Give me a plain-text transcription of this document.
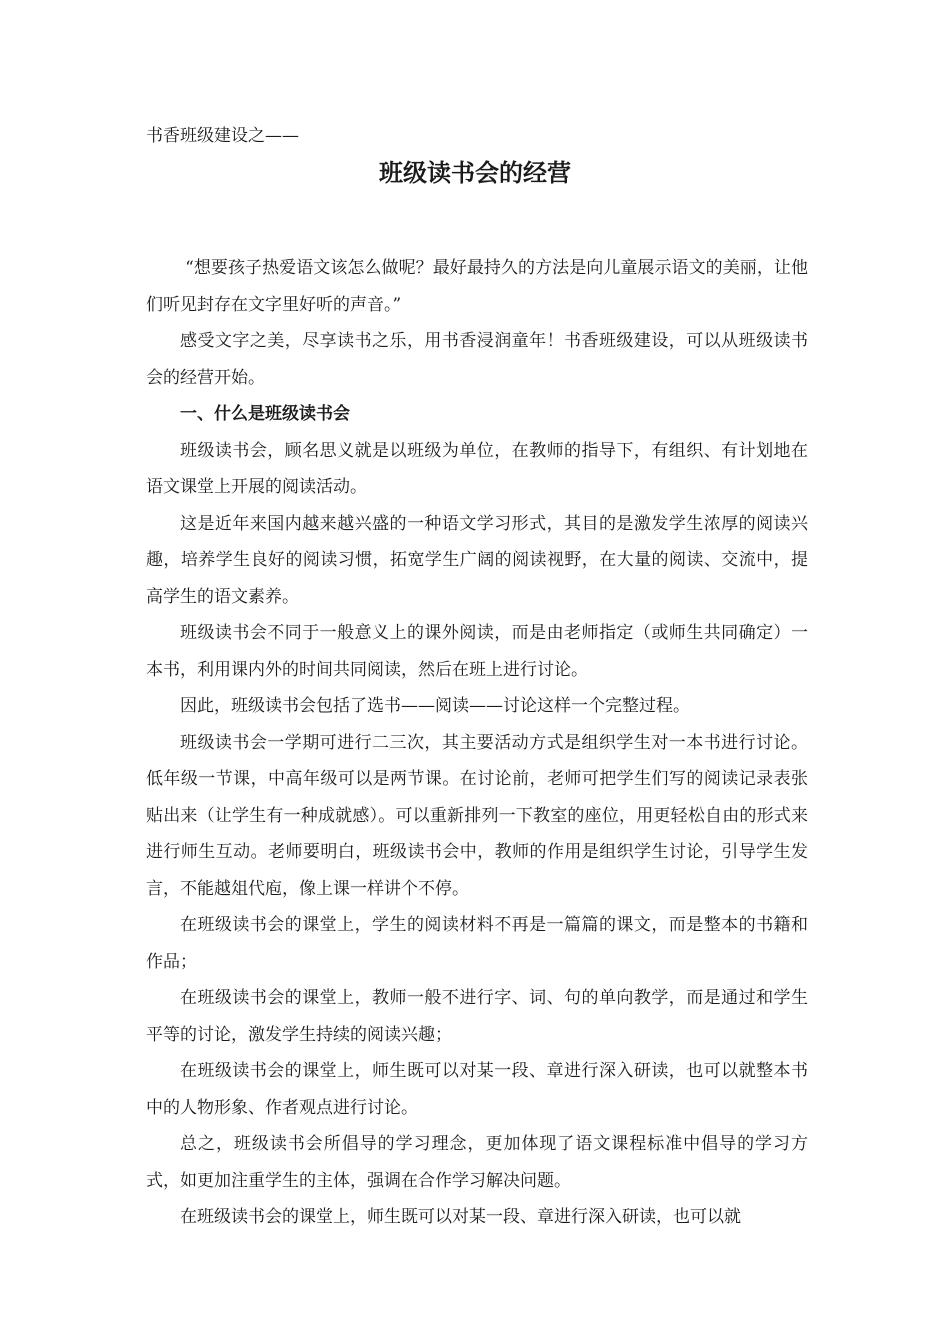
书香班级建设之——
班级读书会的经营

“想要孩子热爱语文该怎么做呢？最好最持久的方法是向儿童展示语文的美丽，让他们听见封存在文字里好听的声音。”

感受文字之美，尽享读书之乐，用书香浸润童年！书香班级建设，可以从班级读书会的经营开始。

一、什么是班级读书会

班级读书会，顾名思义就是以班级为单位，在教师的指导下，有组织、有计划地在语文课堂上开展的阅读活动。

这是近年来国内越来越兴盛的一种语文学习形式，其目的是激发学生浓厚的阅读兴趣，培养学生良好的阅读习惯，拓宽学生广阔的阅读视野，在大量的阅读、交流中，提高学生的语文素养。

班级读书会不同于一般意义上的课外阅读，而是由老师指定（或师生共同确定）一本书，利用课内外的时间共同阅读，然后在班上进行讨论。

因此，班级读书会包括了选书——阅读——讨论这样一个完整过程。

班级读书会一学期可进行二三次，其主要活动方式是组织学生对一本书进行讨论。低年级一节课，中高年级可以是两节课。在讨论前，老师可把学生们写的阅读记录表张贴出来（让学生有一种成就感）。可以重新排列一下教室的座位，用更轻松自由的形式来进行师生互动。老师要明白，班级读书会中，教师的作用是组织学生讨论，引导学生发言，不能越俎代庖，像上课一样讲个不停。

在班级读书会的课堂上，学生的阅读材料不再是一篇篇的课文，而是整本的书籍和作品；

在班级读书会的课堂上，教师一般不进行字、词、句的单向教学，而是通过和学生平等的讨论，激发学生持续的阅读兴趣；

在班级读书会的课堂上，师生既可以对某一段、章进行深入研读，也可以就整本书中的人物形象、作者观点进行讨论。

总之，班级读书会所倡导的学习理念，更加体现了语文课程标准中倡导的学习方式，如更加注重学生的主体，强调在合作学习解决问题。

在班级读书会的课堂上，师生既可以对某一段、章进行深入研读，也可以就
